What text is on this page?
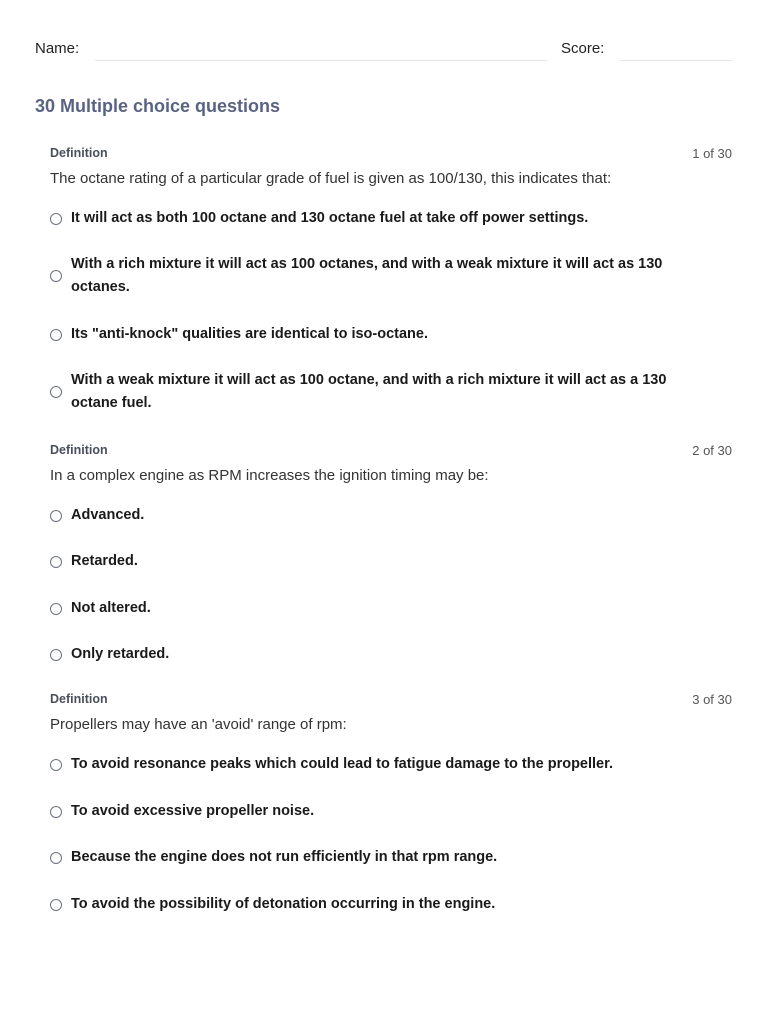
Name:	Score:
30 Multiple choice questions
Definition	1 of 30
The octane rating of a particular grade of fuel is given as 100/130, this indicates that:
It will act as both 100 octane and 130 octane fuel at take off power settings.
With a rich mixture it will act as 100 octanes, and with a weak mixture it will act as 130 octanes.
Its "anti-knock" qualities are identical to iso-octane.
With a weak mixture it will act as 100 octane, and with a rich mixture it will act as a 130 octane fuel.
Definition	2 of 30
In a complex engine as RPM increases the ignition timing may be:
Advanced.
Retarded.
Not altered.
Only retarded.
Definition	3 of 30
Propellers may have an 'avoid' range of rpm:
To avoid resonance peaks which could lead to fatigue damage to the propeller.
To avoid excessive propeller noise.
Because the engine does not run efficiently in that rpm range.
To avoid the possibility of detonation occurring in the engine.
